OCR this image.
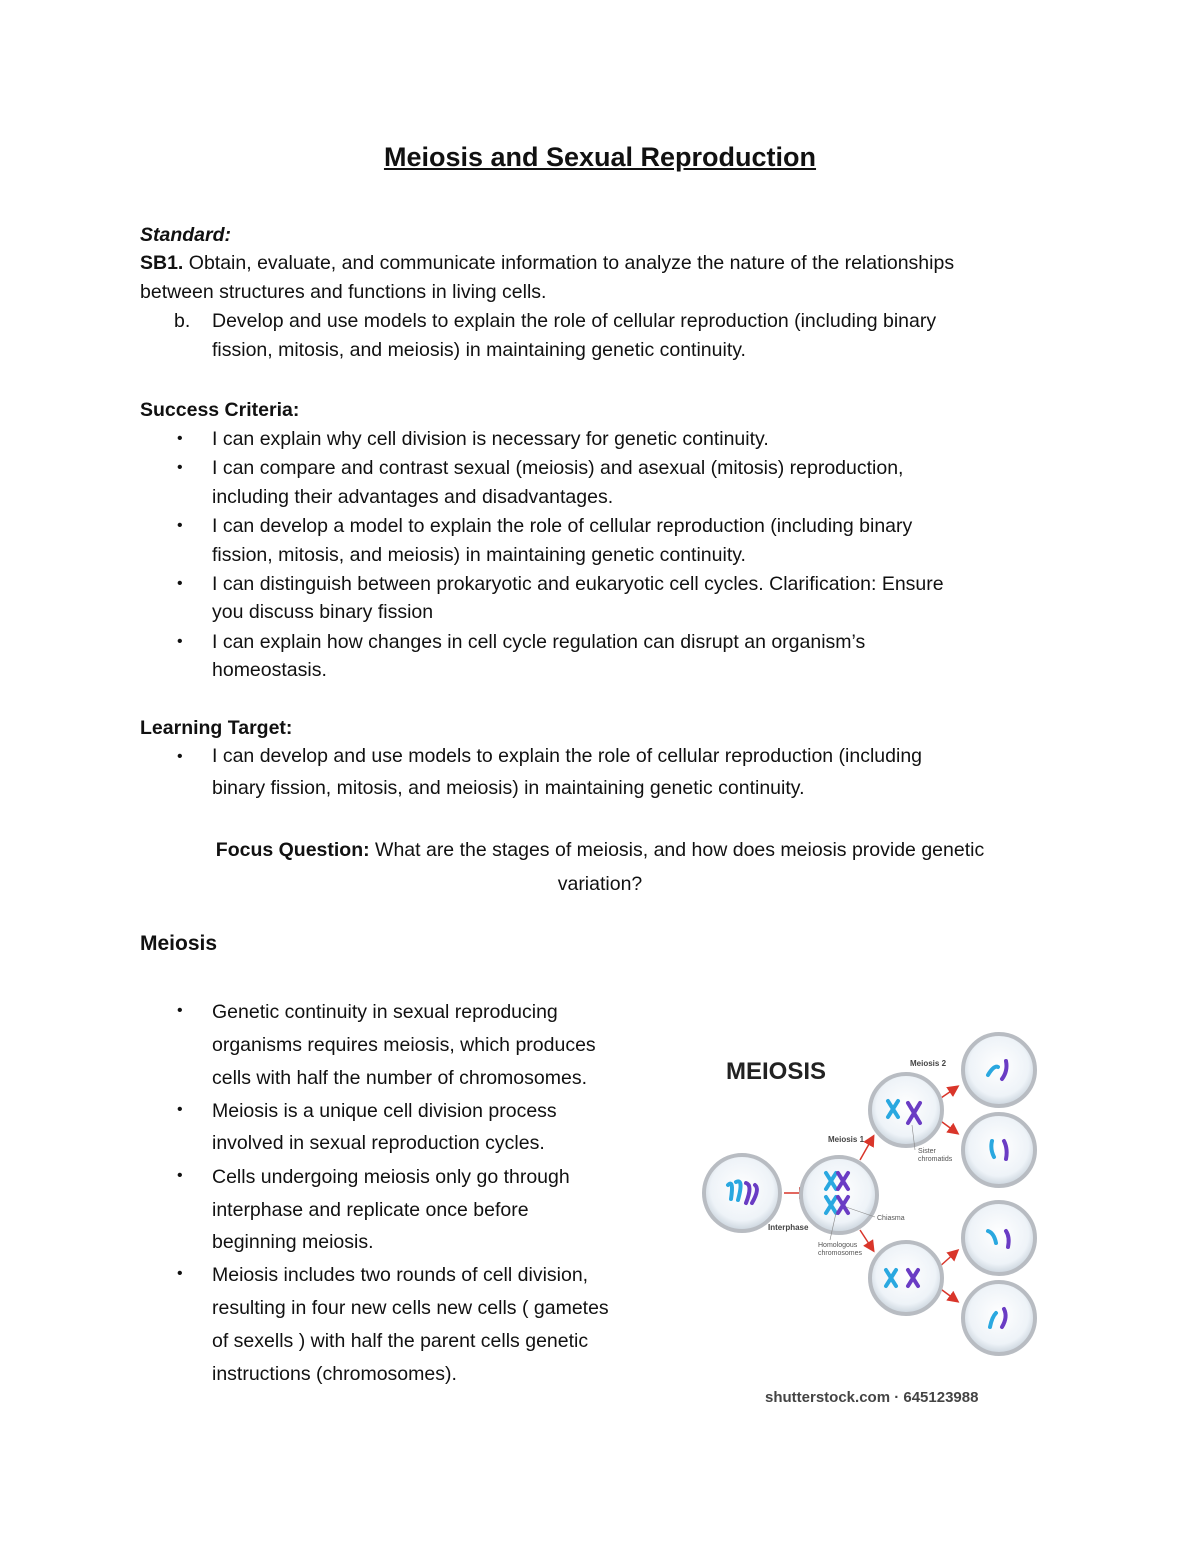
Meiosis and Sexual Reproduction
Standard:
SB1. Obtain, evaluate, and communicate information to analyze the nature of the relationships
between structures and functions in living cells.
b. Develop and use models to explain the role of cellular reproduction (including binary
fission, mitosis, and meiosis) in maintaining genetic continuity.
Success Criteria:
• I can explain why cell division is necessary for genetic continuity.
• I can compare and contrast sexual (meiosis) and asexual (mitosis) reproduction,
including their advantages and disadvantages.
• I can develop a model to explain the role of cellular reproduction (including binary
fission, mitosis, and meiosis) in maintaining genetic continuity.
• I can distinguish between prokaryotic and eukaryotic cell cycles. Clarification: Ensure
you discuss binary fission
• I can explain how changes in cell cycle regulation can disrupt an organism’s
homeostasis.
Learning Target:
• I can develop and use models to explain the role of cellular reproduction (including
binary fission, mitosis, and meiosis) in maintaining genetic continuity.
Focus Question: What are the stages of meiosis, and how does meiosis provide genetic
variation?
Meiosis
• Genetic continuity in sexual reproducing
organisms requires meiosis, which produces
cells with half the number of chromosomes.
• Meiosis is a unique cell division process
involved in sexual reproduction cycles.
• Cells undergoing meiosis only go through
interphase and replicate once before
beginning meiosis.
• Meiosis includes two rounds of cell division,
resulting in four new cells new cells ( gametes
of sexells ) with half the parent cells genetic
instructions (chromosomes).
MEIOSIS	Meiosis 2
Meiosis 1
Interphase
Sister
chromatids
Chiasma
Homologous
chromosomes
shutterstock.com · 645123988
